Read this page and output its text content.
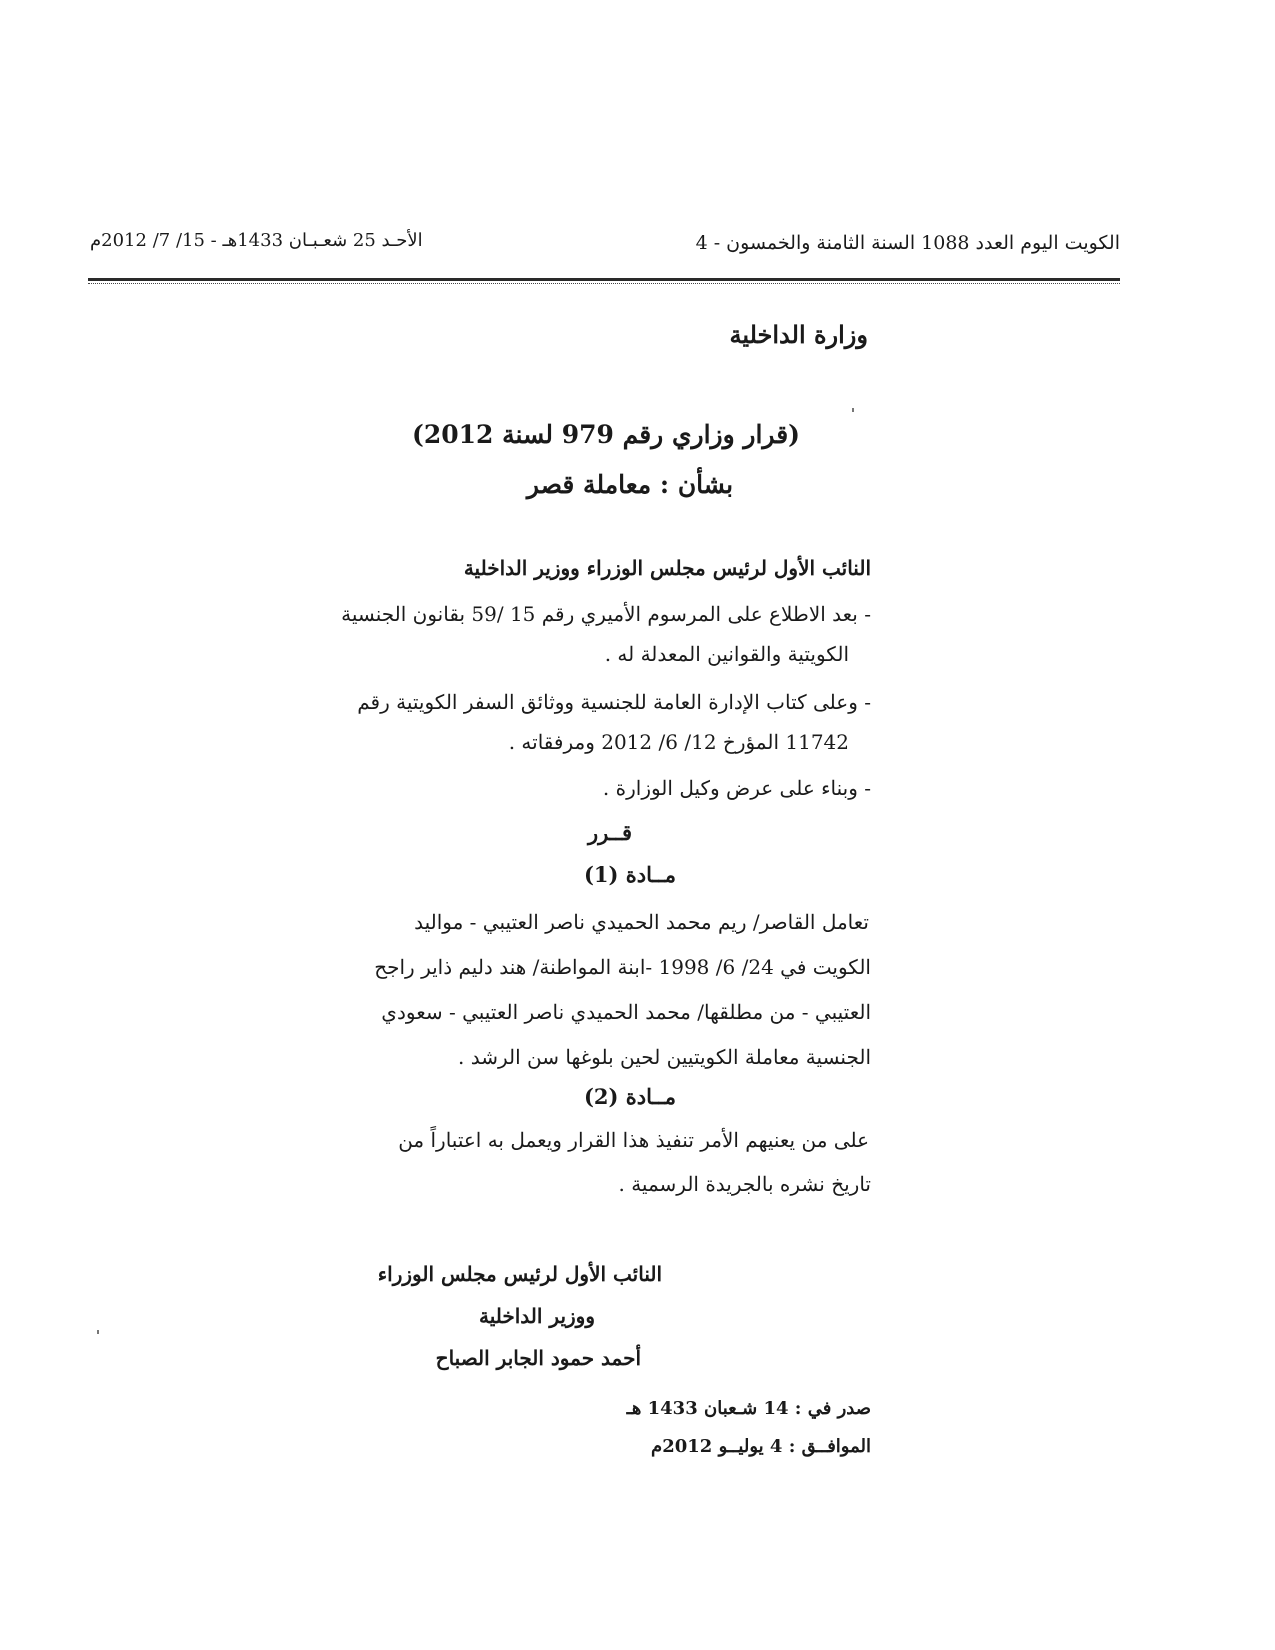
الكويت اليوم العدد 1088 السنة الثامنة والخمسون - 4
الأحـد 25 شعـبـان 1433هـ - 15/ 7/ 2012م
وزارة الداخلية
(قرار وزاري رقم 979 لسنة 2012)
بشأن : معاملة قصر
النائب الأول لرئيس مجلس الوزراء ووزير الداخلية
- بعد الاطلاع على المرسوم الأميري رقم 15 /59 بقانون الجنسية
الكويتية والقوانين المعدلة له .
- وعلى كتاب الإدارة العامة للجنسية ووثائق السفر الكويتية رقم
11742 المؤرخ 12/ 6/ 2012 ومرفقاته .
- وبناء على عرض وكيل الوزارة .
قــرر
مــادة (1)
تعامل القاصر/ ريم محمد الحميدي ناصر العتيبي - مواليد
الكويت في 24/ 6/ 1998 -ابنة المواطنة/ هند دليم ذاير راجح
العتيبي - من مطلقها/ محمد الحميدي ناصر العتيبي - سعودي
الجنسية معاملة الكويتيين لحين بلوغها سن الرشد .
مــادة (2)
على من يعنيهم الأمر تنفيذ هذا القرار ويعمل به اعتباراً من
تاريخ نشره بالجريدة الرسمية .
النائب الأول لرئيس مجلس الوزراء
ووزير الداخلية
أحمد حمود الجابر الصباح
صدر في : 14 شـعبان 1433 هـ
الموافــق : 4 يوليــو 2012م
